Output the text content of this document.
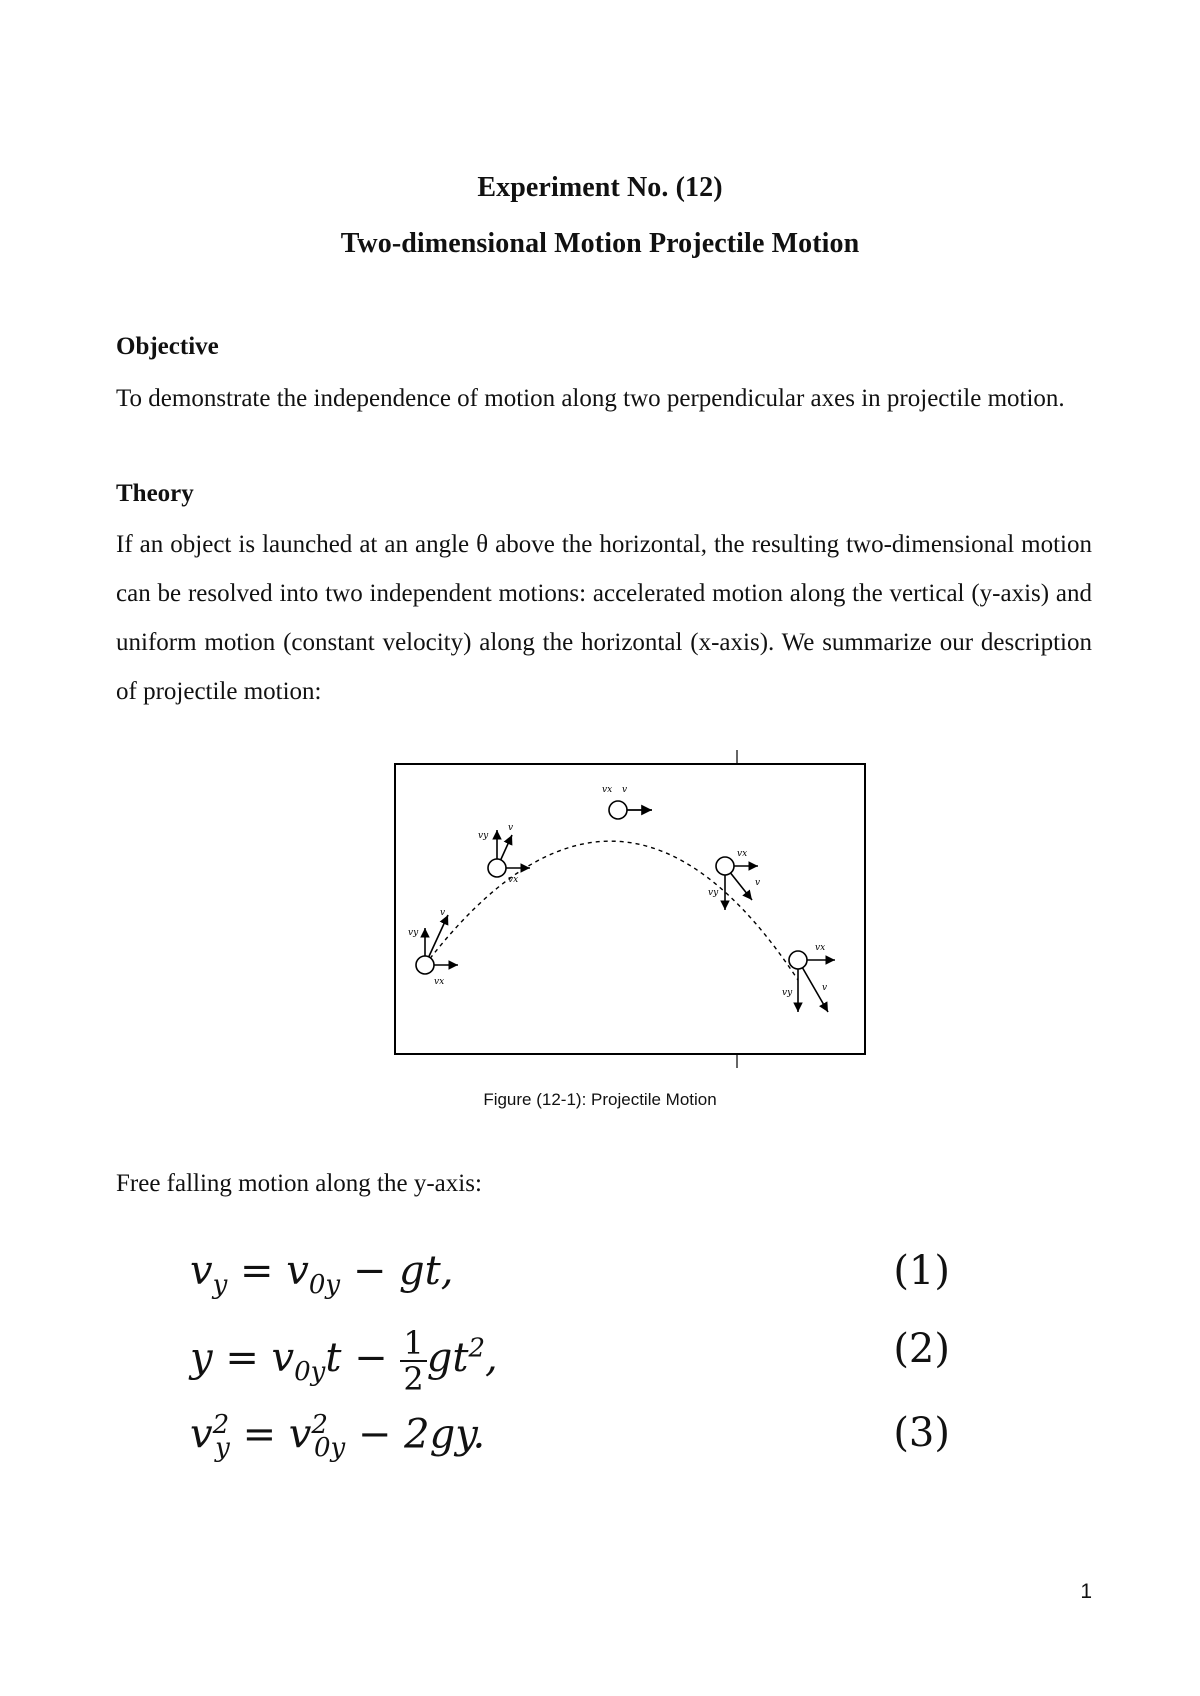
Experiment No. (12)
Two-dimensional Motion Projectile Motion
Objective
To demonstrate the independence of motion along two perpendicular axes in projectile motion.
Theory
If an object is launched at an angle θ above the horizontal, the resulting two-dimensional motion can be resolved into two independent motions: accelerated motion along the vertical (y-axis) and uniform motion (constant velocity) along the horizontal (x-axis). We summarize our description of projectile motion:
v
vy
vx
vy
v
vx
vx v
vx
vy
v
vx
vy	v
Figure (12-1): Projectile Motion
Free falling motion along the y-axis:
$v_y = v_{0y}$ − gt,	(1)
$y = v_{0y}t - \frac{1}{2} gt^2$,	(2)
$v^2_y = v^2_{0y} - 2gy$.	(3)
1
